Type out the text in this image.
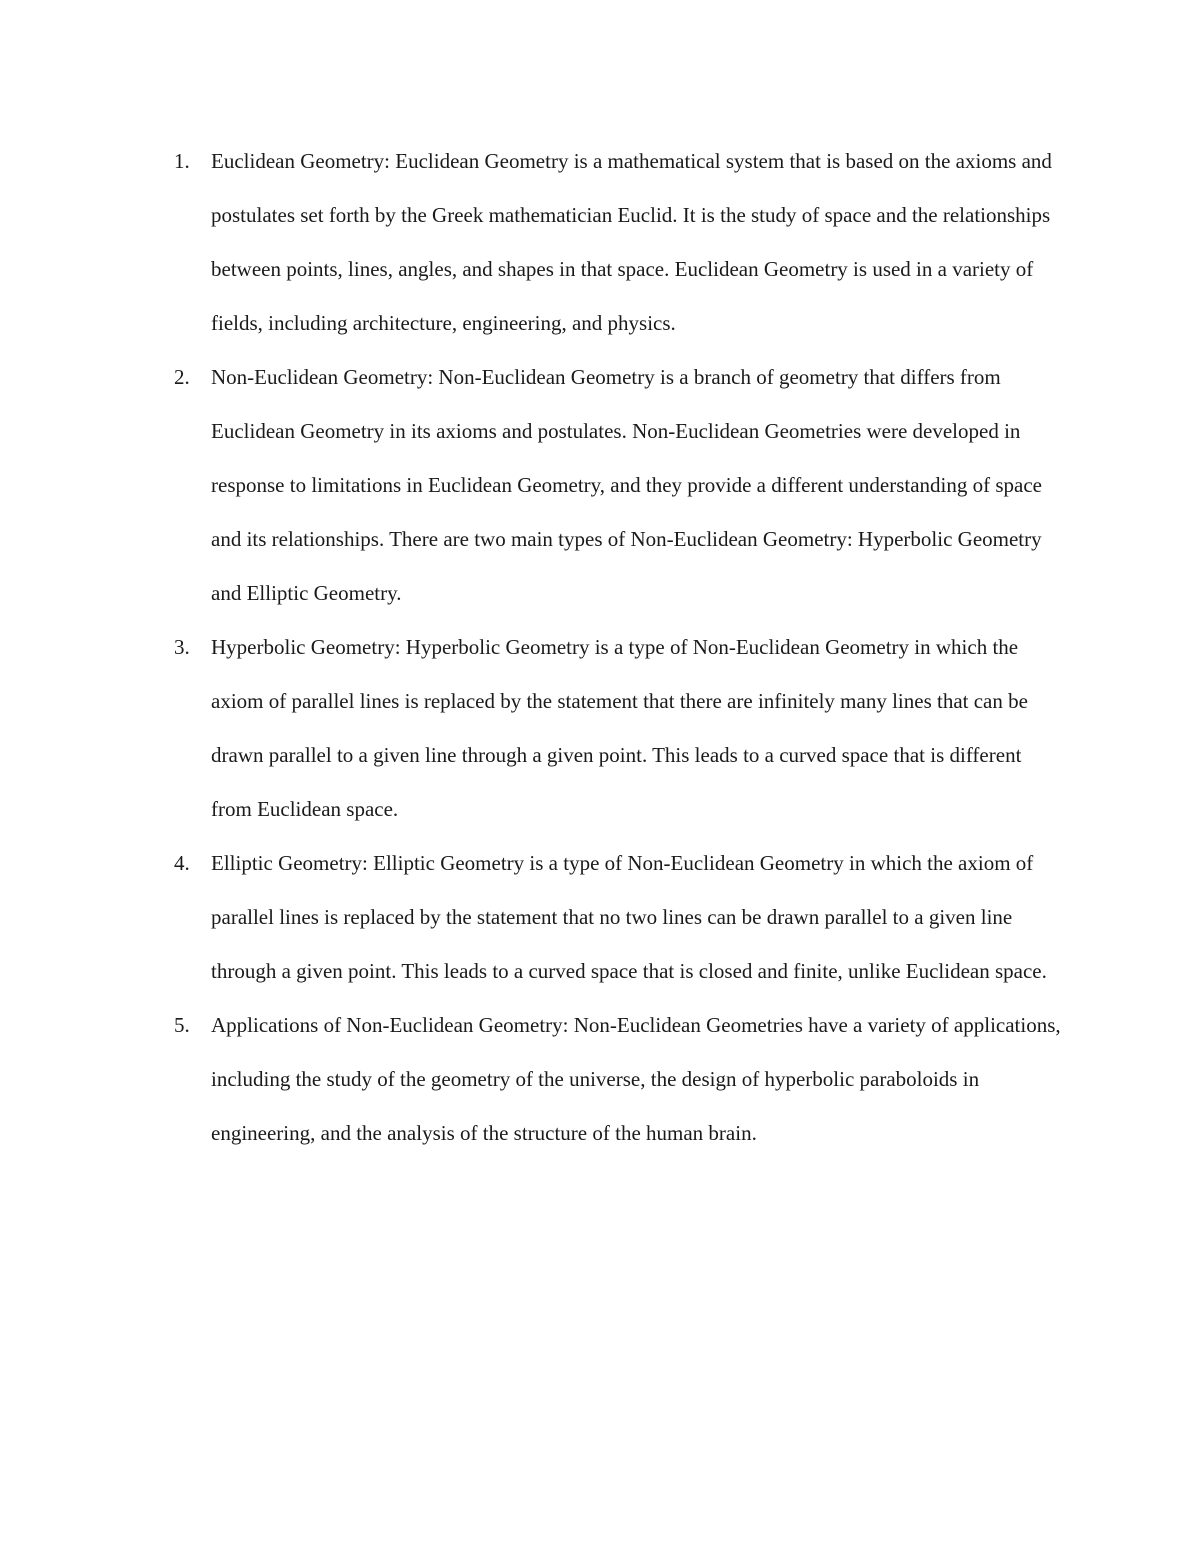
1.	Euclidean Geometry: Euclidean Geometry is a mathematical system that is based on the axioms and postulates set forth by the Greek mathematician Euclid. It is the study of space and the relationships between points, lines, angles, and shapes in that space. Euclidean Geometry is used in a variety of fields, including architecture, engineering, and physics.
2.	Non-Euclidean Geometry: Non-Euclidean Geometry is a branch of geometry that differs from Euclidean Geometry in its axioms and postulates. Non-Euclidean Geometries were developed in response to limitations in Euclidean Geometry, and they provide a different understanding of space and its relationships. There are two main types of Non-Euclidean Geometry: Hyperbolic Geometry and Elliptic Geometry.
3.	Hyperbolic Geometry: Hyperbolic Geometry is a type of Non-Euclidean Geometry in which the axiom of parallel lines is replaced by the statement that there are infinitely many lines that can be drawn parallel to a given line through a given point. This leads to a curved space that is different from Euclidean space.
4.	Elliptic Geometry: Elliptic Geometry is a type of Non-Euclidean Geometry in which the axiom of parallel lines is replaced by the statement that no two lines can be drawn parallel to a given line through a given point. This leads to a curved space that is closed and finite, unlike Euclidean space.
5.	Applications of Non-Euclidean Geometry: Non-Euclidean Geometries have a variety of applications, including the study of the geometry of the universe, the design of hyperbolic paraboloids in engineering, and the analysis of the structure of the human brain.
